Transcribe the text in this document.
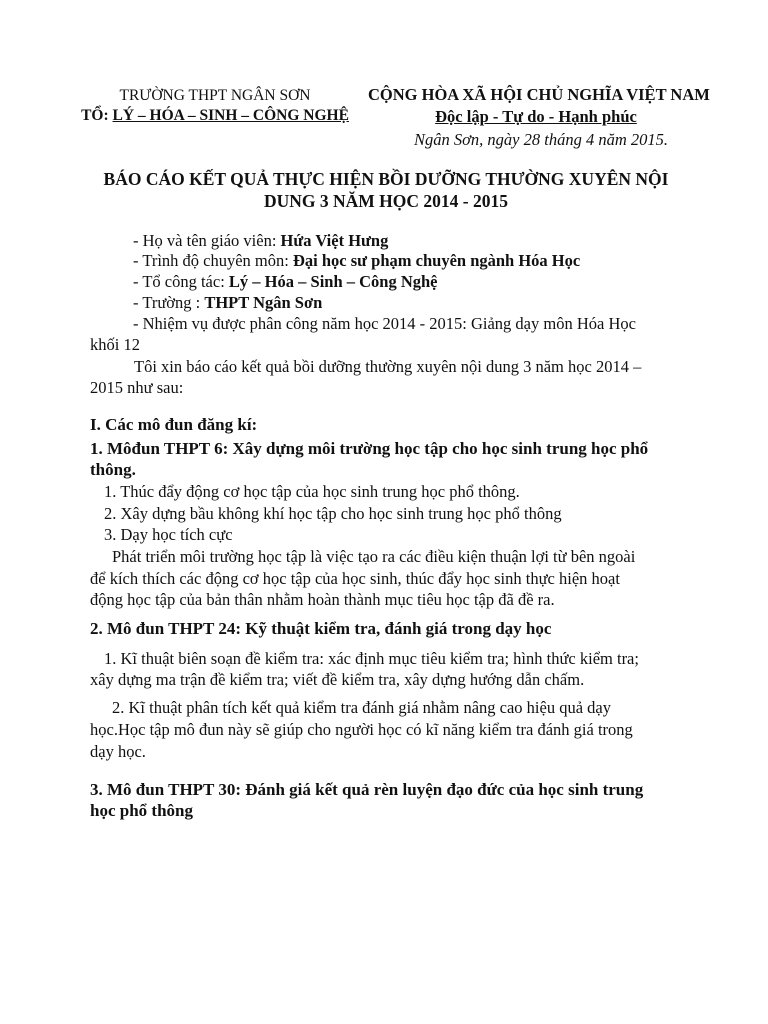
TRƯỜNG THPT NGÂN SƠN
TỔ: LÝ – HÓA – SINH – CÔNG NGHỆ
CỘNG HÒA XÃ HỘI CHỦ NGHĨA VIỆT NAM
Độc lập - Tự do - Hạnh phúc
Ngân Sơn, ngày 28 tháng 4 năm 2015.
BÁO CÁO KẾT QUẢ THỰC HIỆN BỒI DƯỠNG THƯỜNG XUYÊN NỘI
DUNG 3 NĂM HỌC 2014 - 2015
- Họ và tên giáo viên: Hứa Việt Hưng
- Trình độ chuyên môn: Đại học sư phạm chuyên ngành Hóa Học
- Tổ công tác: Lý – Hóa – Sinh – Công Nghệ
- Trường : THPT Ngân Sơn
- Nhiệm vụ được phân công năm học 2014 - 2015: Giảng dạy môn Hóa Học
khối 12
Tôi xin báo cáo kết quả bồi dưỡng thường xuyên nội dung 3 năm học 2014 –
2015 như sau:
I. Các mô đun đăng kí:
1. Môđun THPT 6: Xây dựng môi trường học tập cho học sinh trung học phổ
thông.
1. Thúc đẩy động cơ học tập của học sinh trung học phổ thông.
2. Xây dựng bầu không khí học tập cho học sinh trung học phổ thông
3. Dạy học tích cực
Phát triển môi trường học tập là việc tạo ra các điều kiện thuận lợi từ bên ngoài
để kích thích các động cơ học tập của học sinh, thúc đẩy học sinh thực hiện hoạt
động học tập của bản thân nhằm hoàn thành mục tiêu học tập đã đề ra.
2. Mô đun THPT 24: Kỹ thuật kiểm tra, đánh giá trong dạy học
1. Kĩ thuật biên soạn đề kiểm tra: xác định mục tiêu kiểm tra; hình thức kiểm tra;
xây dựng ma trận đề kiểm tra; viết đề kiểm tra, xây dựng hướng dẫn chấm.
2. Kĩ thuật phân tích kết quả kiểm tra đánh giá nhằm nâng cao hiệu quả dạy
học.Học tập mô đun này sẽ giúp cho người học có kĩ năng kiểm tra đánh giá trong
dạy học.
3. Mô đun THPT 30: Đánh giá kết quả rèn luyện đạo đức của học sinh trung
học phổ thông
